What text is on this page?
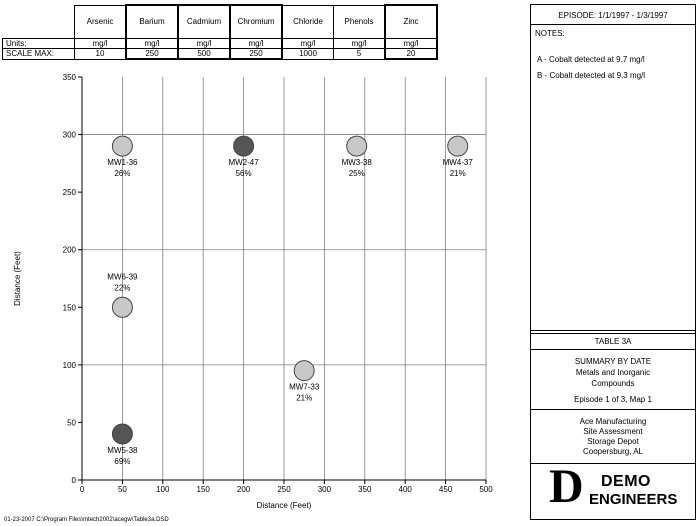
	Arsenic	Barium	Cadmium	Chromium	Chloride	Phenols	Zinc
Units:	mg/l	mg/l	mg/l	mg/l	mg/l	mg/l	mg/l
SCALE MAX:	10	250	500	250	1000	5	20
0	50	100	150	200	250	300	350	400	450	500
0
50
100
150
200
250
300
350
MW1-36
26%
MW2-47
56%
MW3-38
25%
MW4-37
21%
MW6-39
22%
MW7-33
21%
MW5-38
69%
Distance (Feet)
Distance (Feet)
EPISODE: 1/1/1997 - 1/3/1997
NOTES:
A - Cobalt detected at 9.7 mg/l
B - Cobalt detected at 9.3 mg/l
TABLE 3A
SUMMARY BY DATE
Metals and Inorganic
Compounds
Episode 1 of 3, Map 1
Ace Manufacturing
Site Assessment
Storage Depot
Coopersburg, AL
D DEMO
ENGINEERS
01-23-2007 C:\Program Files\mtech2002\acegw\Table3a.DSD
